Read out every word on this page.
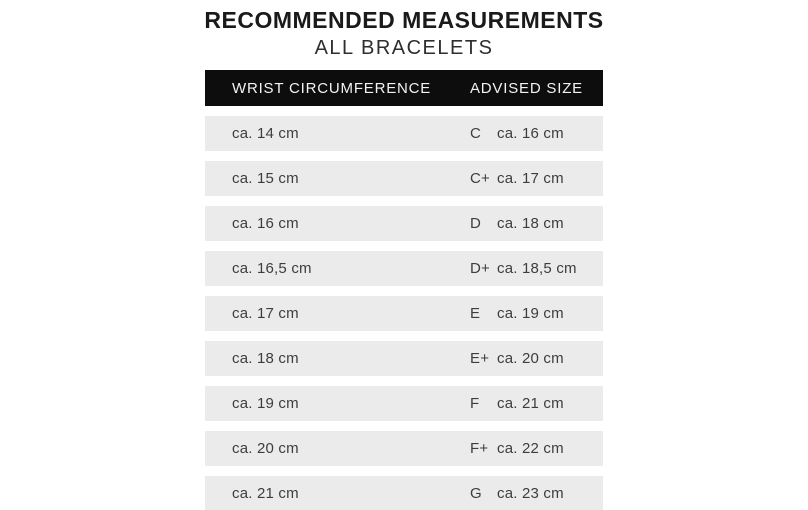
RECOMMENDED MEASUREMENTS
ALL BRACELETS
WRIST CIRCUMFERENCE	ADVISED SIZE
ca. 14 cm	C ca. 16 cm
ca. 15 cm	C+ ca. 17 cm
ca. 16 cm	D ca. 18 cm
ca. 16,5 cm	D+ ca. 18,5 cm
ca. 17 cm	E ca. 19 cm
ca. 18 cm	E+ ca. 20 cm
ca. 19 cm	F ca. 21 cm
ca. 20 cm	F+ ca. 22 cm
ca. 21 cm	G ca. 23 cm
